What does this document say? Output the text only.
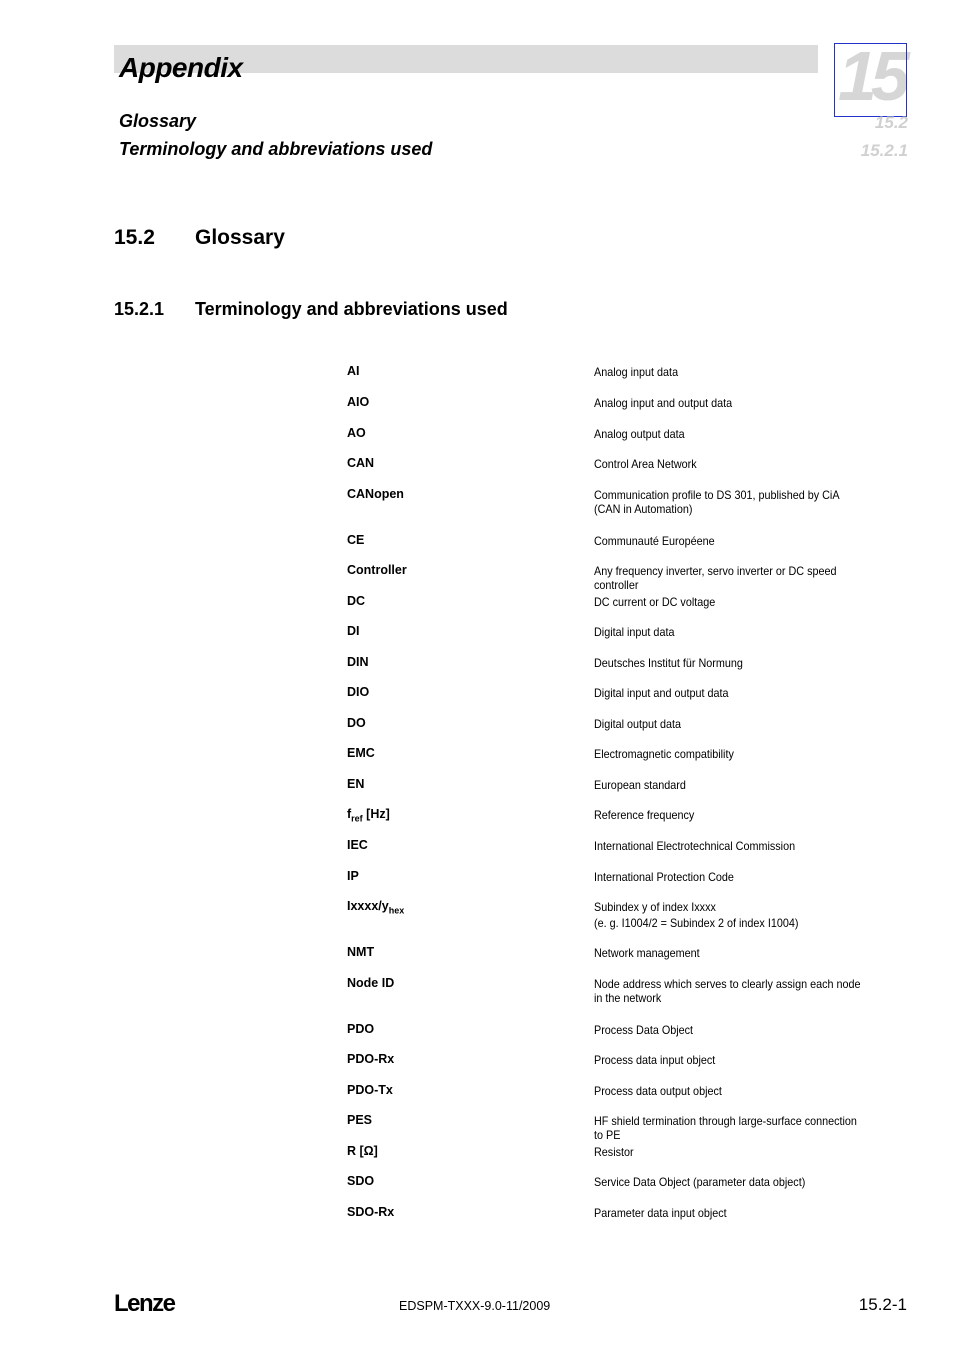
Appendix
Glossary
Terminology and abbreviations used
15
15.2
15.2.1
15.2 Glossary
15.2.1 Terminology and abbreviations used
AI	Analog input data
AIO	Analog input and output data
AO	Analog output data
CAN	Control Area Network
CANopen	Communication profile to DS 301, published by CiA (CAN in Automation)
CE	Communauté Européene
Controller	Any frequency inverter, servo inverter or DC speed controller
DC	DC current or DC voltage
DI	Digital input data
DIN	Deutsches Institut für Normung
DIO	Digital input and output data
DO	Digital output data
EMC	Electromagnetic compatibility
EN	European standard
$f_{ref}$ [Hz]	Reference frequency
IEC	International Electrotechnical Commission
IP	International Protection Code
Ixxxx/$y_{hex}$	Subindex y of index Ixxxx
(e. g. I1004/2 = Subindex 2 of index I1004)
NMT	Network management
Node ID	Node address which serves to clearly assign each node in the network
PDO	Process Data Object
PDO-Rx	Process data input object
PDO-Tx	Process data output object
PES	HF shield termination through large-surface connection to PE
R [Ω]	Resistor
SDO	Service Data Object (parameter data object)
SDO-Rx	Parameter data input object
Lenze	EDSPM-TXXX-9.0-11/2009	15.2-1
